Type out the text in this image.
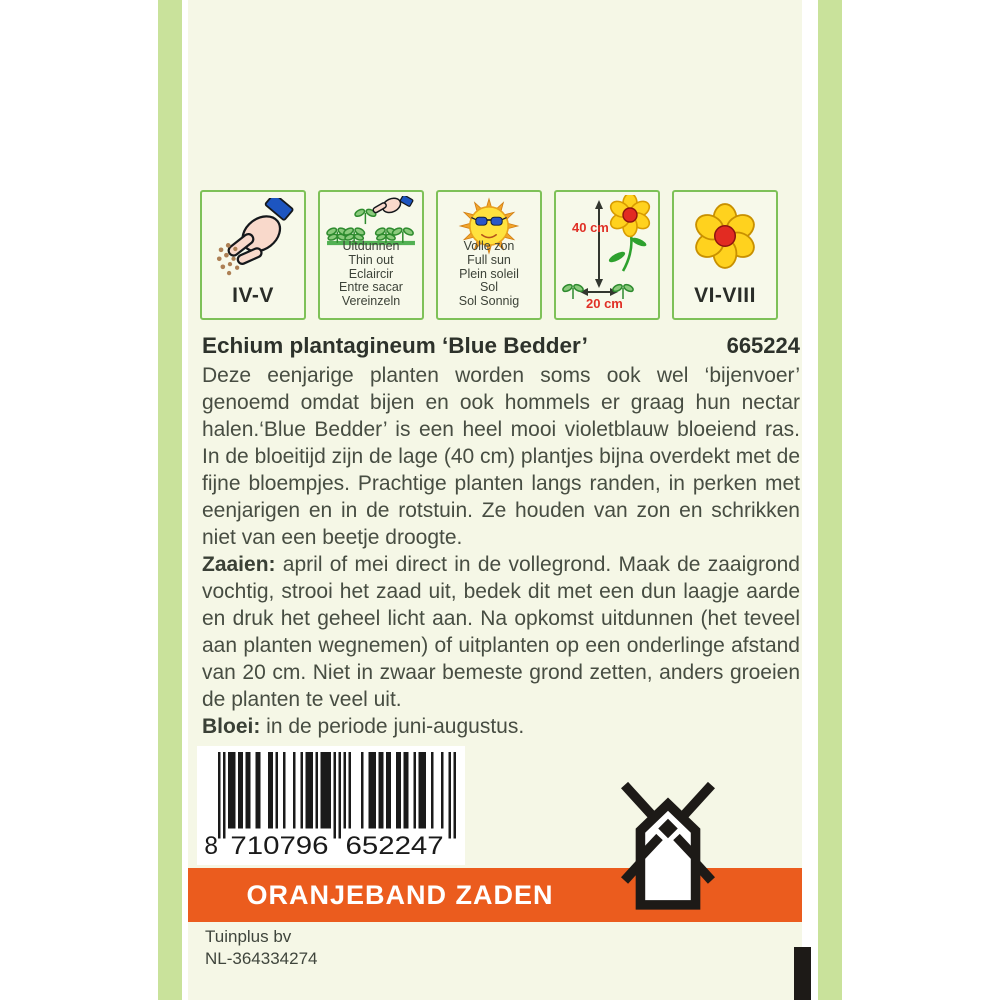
IV-V
Uitdunnen
Thin out
Eclaircir
Entre sacar
Vereinzeln
Volle zon
Full sun
Plein soleil
Sol
Sol Sonnig
40 cm
20 cm	VI-VIII
Echium plantagineum ‘Blue Bedder’	665224

Deze eenjarige planten worden soms ook wel ‘bijenvoer’ genoemd omdat bijen en ook hommels er graag hun nectar halen.‘Blue Bedder’ is een heel mooi violetblauw bloeiend ras. In de bloeitijd zijn de lage (40 cm) plantjes bijna overdekt met de fijne bloempjes. Prachtige planten langs randen, in perken met eenjarigen en in de rotstuin. Ze houden van zon en schrikken niet van een beetje droogte.

Zaaien: april of mei direct in de vollegrond. Maak de zaaigrond vochtig, strooi het zaad uit, bedek dit met een dun laagje aarde en druk het geheel licht aan. Na opkomst uitdunnen (het teveel aan planten wegnemen) of uitplanten op een onderlinge afstand van 20 cm. Niet in zwaar bemeste grond zetten, anders groeien de planten te veel uit.

Bloei: in de periode juni-augustus.

8 710796 652247
ORANJEBAND ZADEN
Tuinplus bv
NL-364334274
